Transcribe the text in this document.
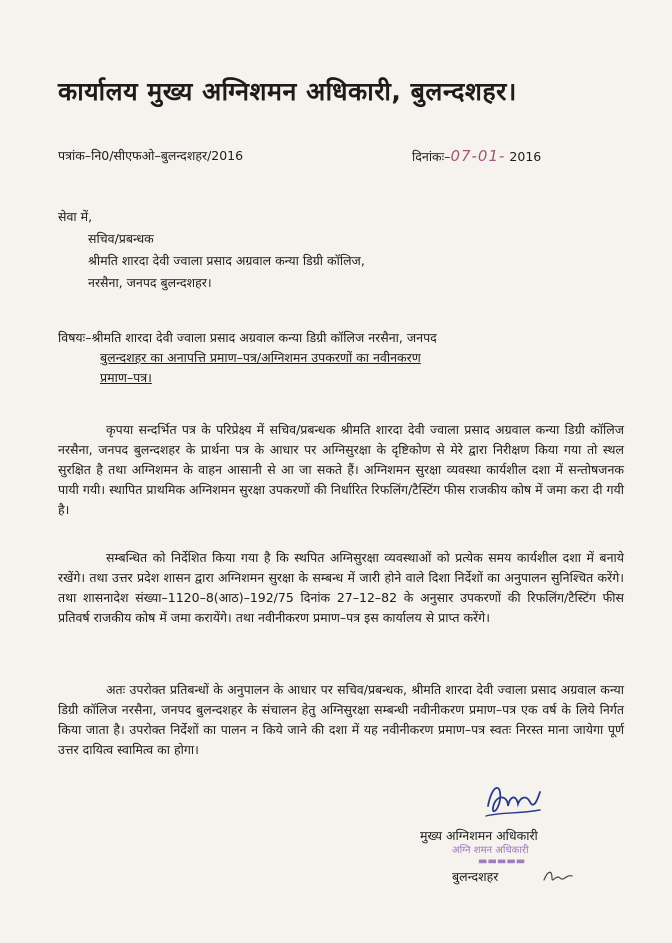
कार्यालय मुख्य अग्निशमन अधिकारी, बुलन्दशहर।
पत्रांक–नि0/सीएफओ–बुलन्दशहर/2016	दिनांकः–07-01- 2016
सेवा में,
सचिव/प्रबन्धक
श्रीमति शारदा देवी ज्वाला प्रसाद अग्रवाल कन्या डिग्री कॉलिज,
नरसैना, जनपद बुलन्दशहर।
विषयः–श्रीमति शारदा देवी ज्वाला प्रसाद अग्रवाल कन्या डिग्री कॉलिज नरसैना, जनपद
बुलन्दशहर का अनापत्ति प्रमाण–पत्र/अग्निशमन उपकरणों का नवीनकरण
प्रमाण–पत्र।
कृपया सन्दर्भित पत्र के परिप्रेक्ष्य में सचिव/प्रबन्धक श्रीमति शारदा देवी ज्वाला प्रसाद अग्रवाल कन्या डिग्री कॉलिज नरसैना, जनपद बुलन्दशहर के प्रार्थना पत्र के आधार पर अग्निसुरक्षा के दृष्टिकोण से मेरे द्वारा निरीक्षण किया गया तो स्थल सुरक्षित है तथा अग्निशमन के वाहन आसानी से आ जा सकते हैं। अग्निशमन सुरक्षा व्यवस्था कार्यशील दशा में सन्तोषजनक पायी गयी। स्थापित प्राथमिक अग्निशमन सुरक्षा उपकरणों की निर्धारित रिफलिंग/टैस्टिंग फीस राजकीय कोष में जमा करा दी गयी है।
सम्बन्धित को निर्देशित किया गया है कि स्थपित अग्निसुरक्षा व्यवस्थाओं को प्रत्येक समय कार्यशील दशा में बनाये रखेंगे। तथा उत्तर प्रदेश शासन द्वारा अग्निशमन सुरक्षा के सम्बन्ध में जारी होने वाले दिशा निर्देशों का अनुपालन सुनिश्चित करेंगे। तथा शासनादेश संख्या–1120–8(आठ)–192/75 दिनांक 27–12–82 के अनुसार उपकरणों की रिफलिंग/टैस्टिंग फीस प्रतिवर्ष राजकीय कोष में जमा करायेंगे। तथा नवीनीकरण प्रमाण–पत्र इस कार्यालय से प्राप्त करेंगे।
अतः उपरोक्त प्रतिबन्धों के अनुपालन के आधार पर सचिव/प्रबन्धक, श्रीमति शारदा देवी ज्वाला प्रसाद अग्रवाल कन्या डिग्री कॉलिज नरसैना, जनपद बुलन्दशहर के संचालन हेतु अग्निसुरक्षा सम्बन्धी नवीनीकरण प्रमाण–पत्र एक वर्ष के लिये निर्गत किया जाता है। उपरोक्त निर्देशों का पालन न किये जाने की दशा में यह नवीनीकरण प्रमाण–पत्र स्वतः निरस्त माना जायेगा पूर्ण उत्तर दायित्व स्वामित्व का होगा।
मुख्य अग्निशमन अधिकारी
अग्नि शमन अधिकारी
▬▬▬▬▬
बुलन्दशहर
